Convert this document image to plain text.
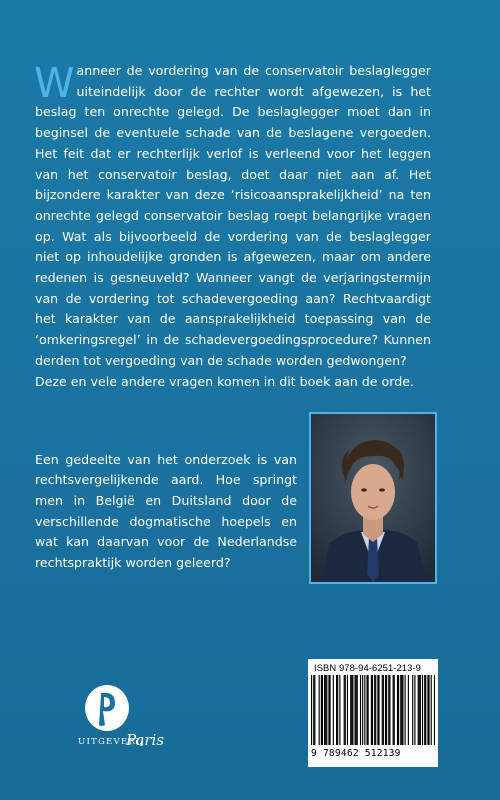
W anneer de vordering van de conservatoir beslaglegger uiteindelijk door de rechter wordt afgewezen, is het beslag ten onrechte gelegd. De beslaglegger moet dan in beginsel de eventuele schade van de beslagene vergoeden. Het feit dat er rechterlijk verlof is verleend voor het leggen van het conservatoir beslag, doet daar niet aan af. Het bijzondere karakter van deze ‘risicoaansprakelijkheid’ na ten onrechte gelegd conservatoir beslag roept belangrijke vragen op. Wat als bijvoorbeeld de vordering van de beslaglegger niet op inhoudelijke gronden is afgewezen, maar om andere redenen is gesneuveld? Wanneer vangt de verjaringstermijn van de vordering tot schadevergoeding aan? Rechtvaardigt het karakter van de aansprakelijkheid toepassing van de ‘omkeringsregel’ in de schadevergoedingsprocedure? Kunnen derden tot vergoeding van de schade worden gedwongen?

Deze en vele andere vragen komen in dit boek aan de orde.

Een gedeelte van het onderzoek is van rechtsvergelijkende aard. Hoe springt men in België en Duitsland door de verschillende dogmatische hoepels en wat kan daarvan voor de Nederlandse rechtspraktijk worden geleerd?

ISBN 978-94-6251-213-9
9 789462 512139
UITGEVERIJ
Paris
